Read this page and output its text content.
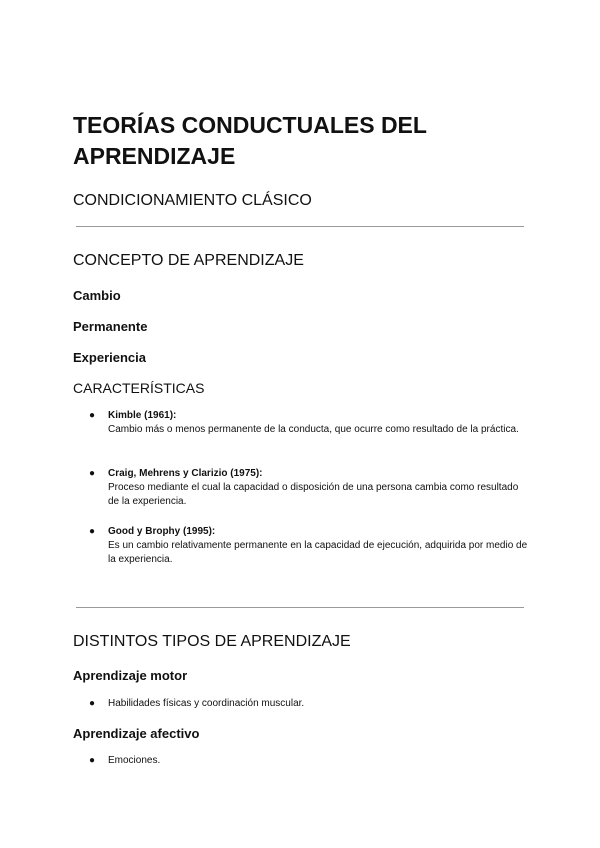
TEORÍAS CONDUCTUALES DEL APRENDIZAJE
CONDICIONAMIENTO CLÁSICO
CONCEPTO DE APRENDIZAJE
Cambio
Permanente
Experiencia
CARACTERÍSTICAS
● Kimble (1961):
Cambio más o menos permanente de la conducta, que ocurre como resultado de la práctica.
● Craig, Mehrens y Clarizio (1975):
Proceso mediante el cual la capacidad o disposición de una persona cambia como resultado de la experiencia.
● Good y Brophy (1995):
Es un cambio relativamente permanente en la capacidad de ejecución, adquirida por medio de la experiencia.
DISTINTOS TIPOS DE APRENDIZAJE
Aprendizaje motor
● Habilidades físicas y coordinación muscular.
Aprendizaje afectivo
● Emociones.
